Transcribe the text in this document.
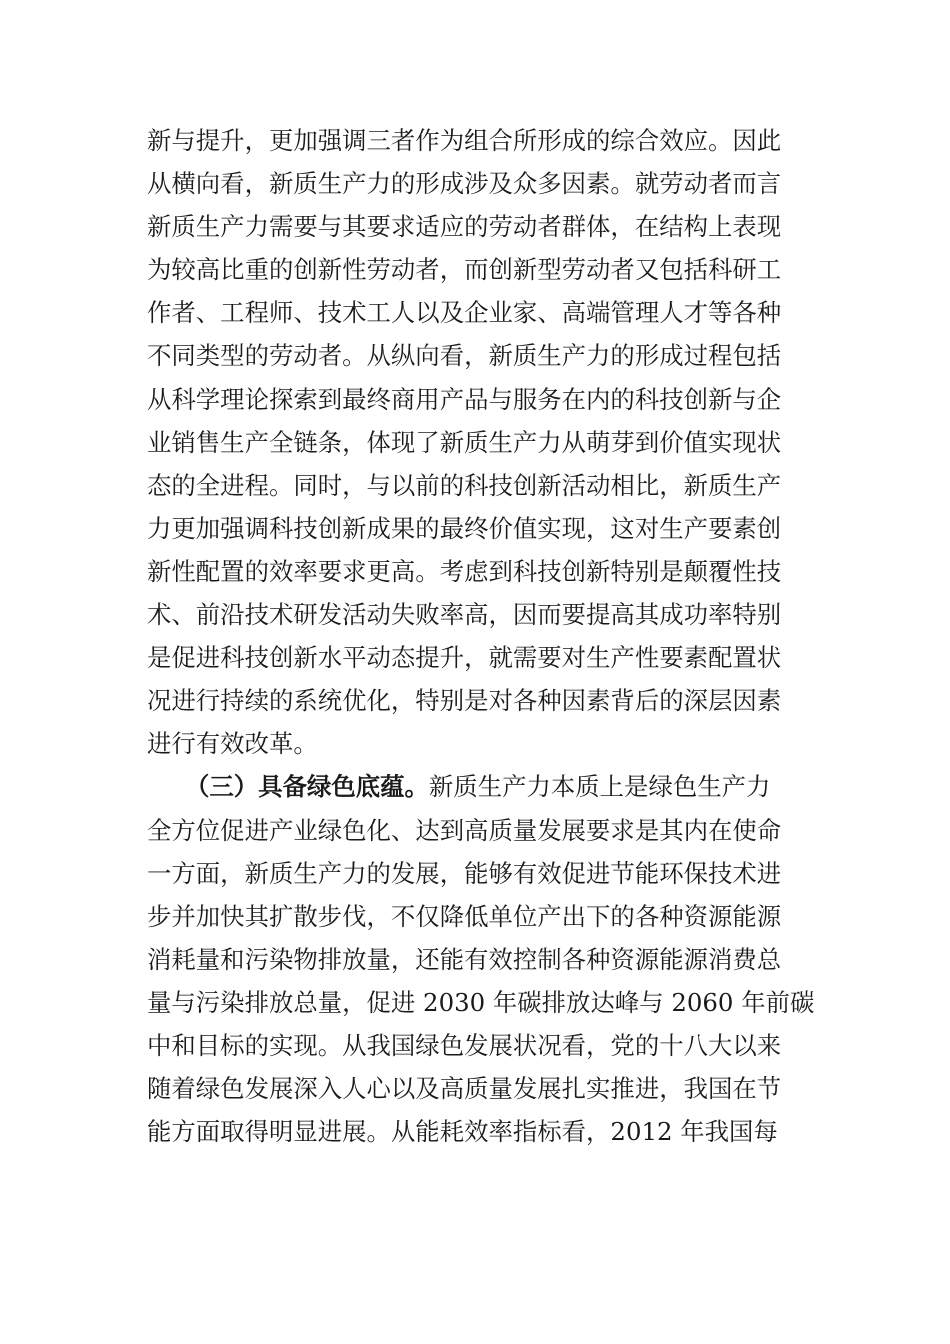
新与提升，更加强调三者作为组合所形成的综合效应。因此
从横向看，新质生产力的形成涉及众多因素。就劳动者而言
新质生产力需要与其要求适应的劳动者群体，在结构上表现
为较高比重的创新性劳动者，而创新型劳动者又包括科研工
作者、工程师、技术工人以及企业家、高端管理人才等各种
不同类型的劳动者。从纵向看，新质生产力的形成过程包括
从科学理论探索到最终商用产品与服务在内的科技创新与企
业销售生产全链条，体现了新质生产力从萌芽到价值实现状
态的全进程。同时，与以前的科技创新活动相比，新质生产
力更加强调科技创新成果的最终价值实现，这对生产要素创
新性配置的效率要求更高。考虑到科技创新特别是颠覆性技
术、前沿技术研发活动失败率高，因而要提高其成功率特别
是促进科技创新水平动态提升，就需要对生产性要素配置状
况进行持续的系统优化，特别是对各种因素背后的深层因素
进行有效改革。
（三）具备绿色底蕴。新质生产力本质上是绿色生产力
全方位促进产业绿色化、达到高质量发展要求是其内在使命
一方面，新质生产力的发展，能够有效促进节能环保技术进
步并加快其扩散步伐，不仅降低单位产出下的各种资源能源
消耗量和污染物排放量，还能有效控制各种资源能源消费总
量与污染排放总量，促进 2030 年碳排放达峰与 2060 年前碳
中和目标的实现。从我国绿色发展状况看，党的十八大以来
随着绿色发展深入人心以及高质量发展扎实推进，我国在节
能方面取得明显进展。从能耗效率指标看，2012 年我国每
